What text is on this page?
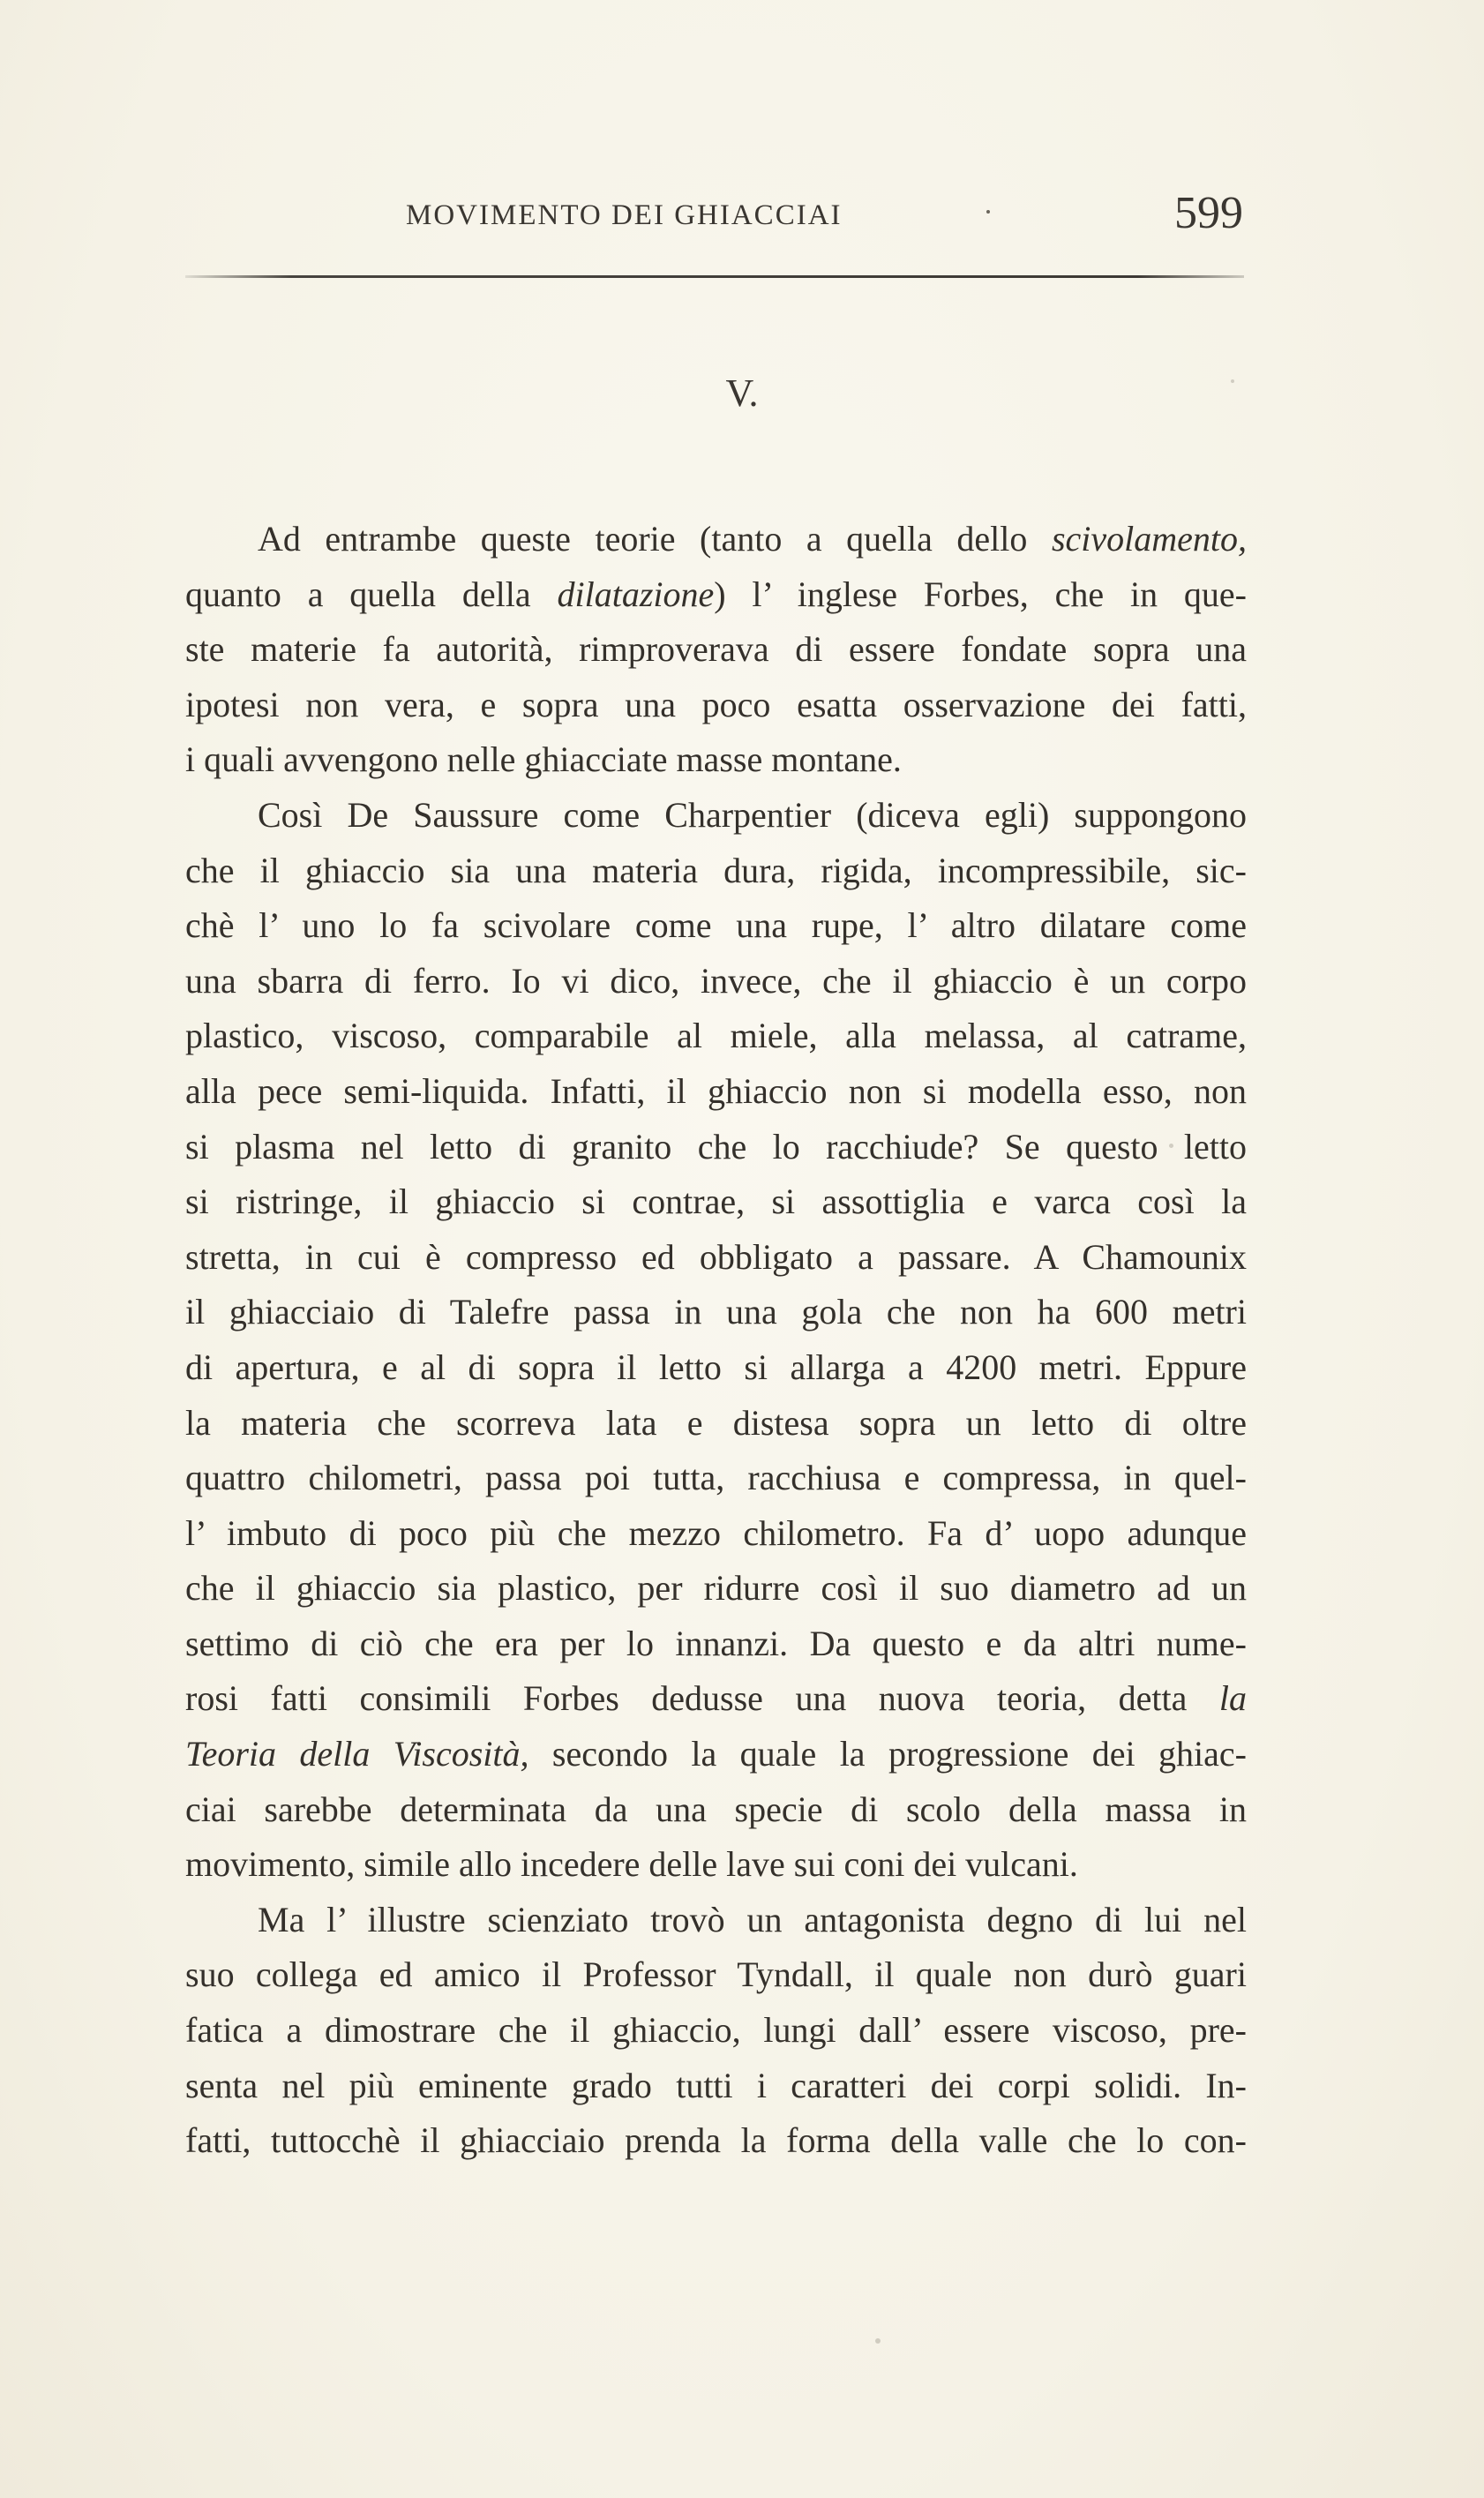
MOVIMENTO DEI GHIACCIAI	599
V.
Ad entrambe queste teorie (tanto a quella dello scivolamento,
quanto a quella della dilatazione) l’ inglese Forbes, che in que-
ste materie fa autorità, rimproverava di essere fondate sopra una
ipotesi non vera, e sopra una poco esatta osservazione dei fatti,
i quali avvengono nelle ghiacciate masse montane.
Così De Saussure come Charpentier (diceva egli) suppongono
che il ghiaccio sia una materia dura, rigida, incompressibile, sic-
chè l’ uno lo fa scivolare come una rupe, l’ altro dilatare come
una sbarra di ferro. Io vi dico, invece, che il ghiaccio è un corpo
plastico, viscoso, comparabile al miele, alla melassa, al catrame,
alla pece semi-liquida. Infatti, il ghiaccio non si modella esso, non
si plasma nel letto di granito che lo racchiude? Se questo letto
si ristringe, il ghiaccio si contrae, si assottiglia e varca così la
stretta, in cui è compresso ed obbligato a passare. A Chamounix
il ghiacciaio di Talefre passa in una gola che non ha 600 metri
di apertura, e al di sopra il letto si allarga a 4200 metri. Eppure
la materia che scorreva lata e distesa sopra un letto di oltre
quattro chilometri, passa poi tutta, racchiusa e compressa, in quel-
l’ imbuto di poco più che mezzo chilometro. Fa d’ uopo adunque
che il ghiaccio sia plastico, per ridurre così il suo diametro ad un
settimo di ciò che era per lo innanzi. Da questo e da altri nume-
rosi fatti consimili Forbes dedusse una nuova teoria, detta la
Teoria della Viscosità, secondo la quale la progressione dei ghiac-
ciai sarebbe determinata da una specie di scolo della massa in
movimento, simile allo incedere delle lave sui coni dei vulcani.
Ma l’ illustre scienziato trovò un antagonista degno di lui nel
suo collega ed amico il Professor Tyndall, il quale non durò guari
fatica a dimostrare che il ghiaccio, lungi dall’ essere viscoso, pre-
senta nel più eminente grado tutti i caratteri dei corpi solidi. In-
fatti, tuttocchè il ghiacciaio prenda la forma della valle che lo con-
